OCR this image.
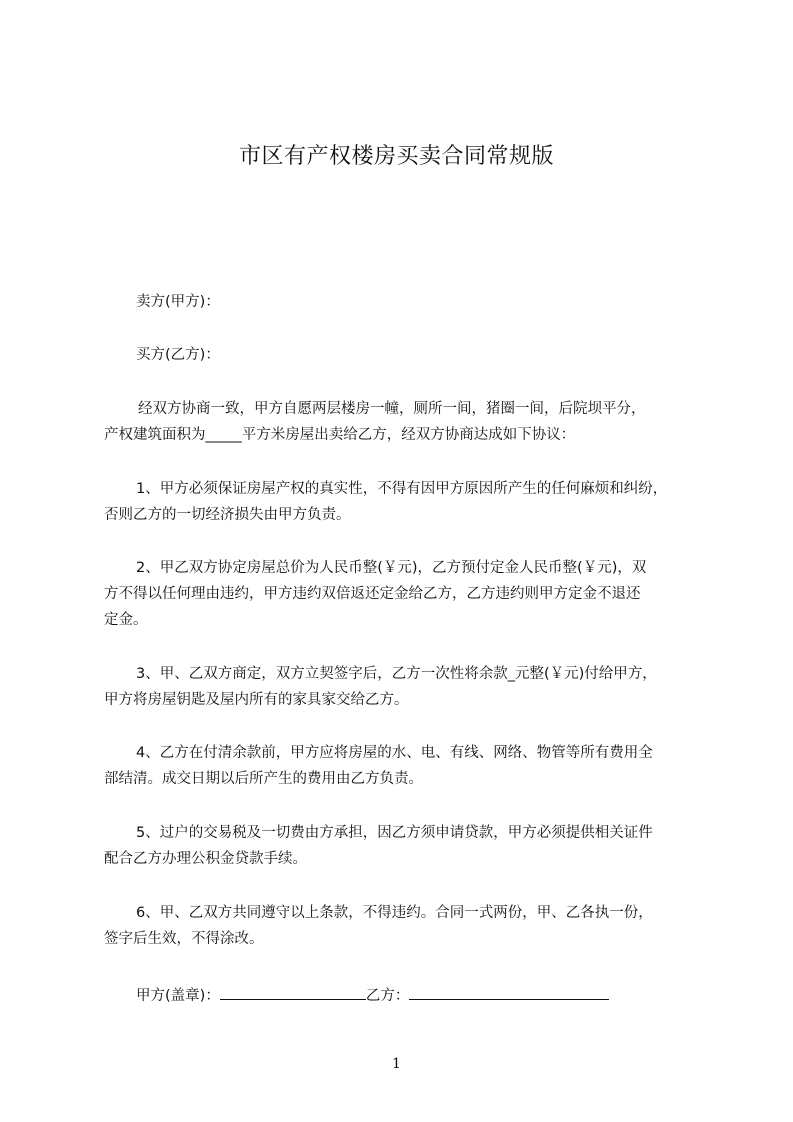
市区有产权楼房买卖合同常规版
卖方(甲方)：
买方(乙方)：
经双方协商一致，甲方自愿两层楼房一幢，厕所一间，猪圈一间，后院坝平分，
产权建筑面积为_____平方米房屋出卖给乙方，经双方协商达成如下协议：
1、甲方必须保证房屋产权的真实性，不得有因甲方原因所产生的任何麻烦和纠纷，
否则乙方的一切经济损失由甲方负责。
2、甲乙双方协定房屋总价为人民币整(￥元)，乙方预付定金人民币整(￥元)，双
方不得以任何理由违约，甲方违约双倍返还定金给乙方，乙方违约则甲方定金不退还
定金。
3、甲、乙双方商定，双方立契签字后，乙方一次性将余款_元整(￥元)付给甲方，
甲方将房屋钥匙及屋内所有的家具家交给乙方。
4、乙方在付清余款前，甲方应将房屋的水、电、有线、网络、物管等所有费用全
部结清。成交日期以后所产生的费用由乙方负责。
5、过户的交易税及一切费由方承担，因乙方须申请贷款，甲方必须提供相关证件
配合乙方办理公积金贷款手续。
6、甲、乙双方共同遵守以上条款，不得违约。合同一式两份，甲、乙各执一份，
签字后生效，不得涂改。
甲方(盖章)：	乙方：
1
